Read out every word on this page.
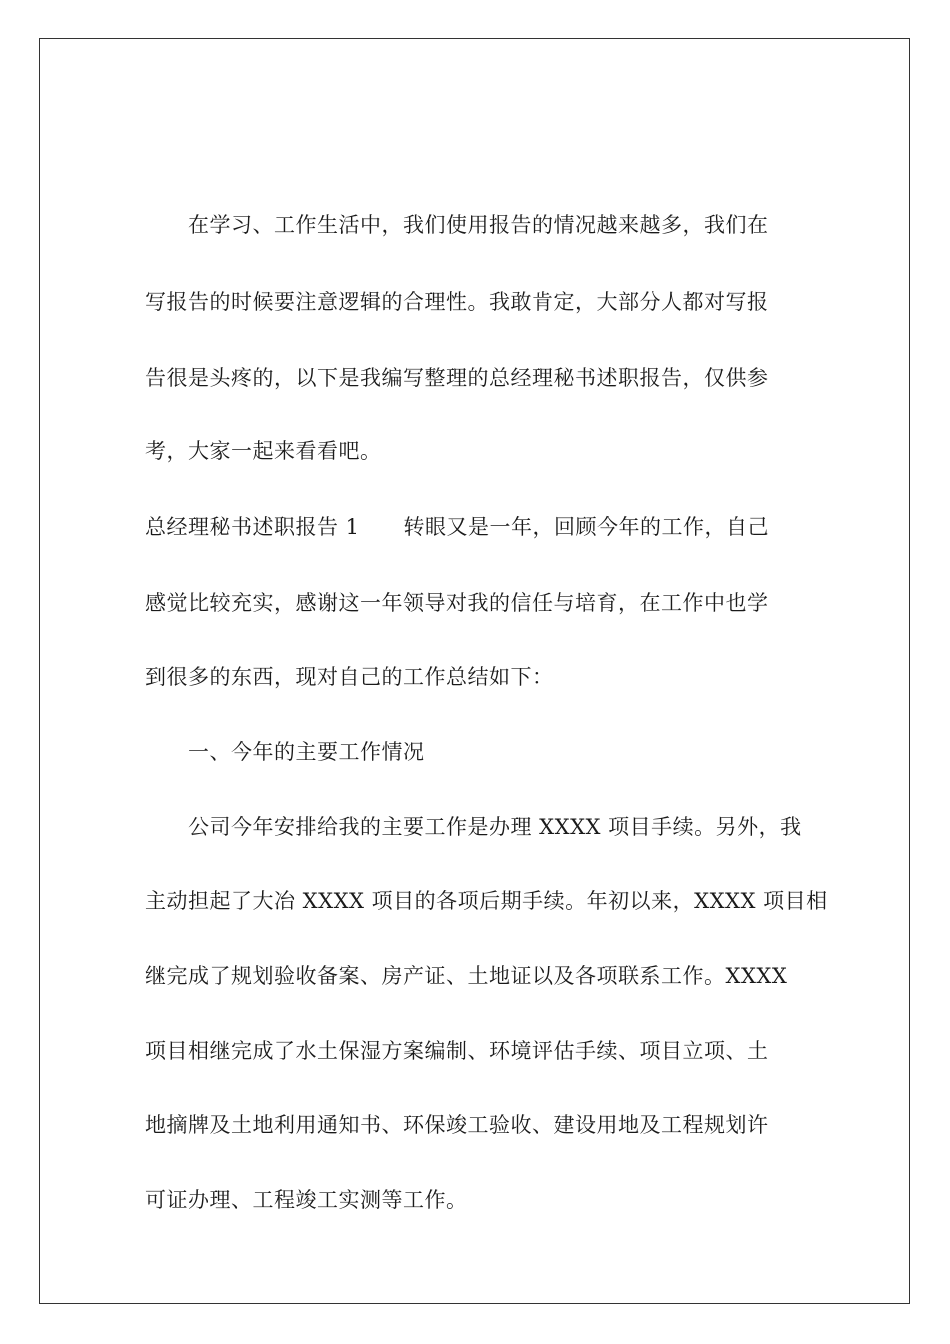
在学习、工作生活中，我们使用报告的情况越来越多，我们在
写报告的时候要注意逻辑的合理性。我敢肯定，大部分人都对写报
告很是头疼的，以下是我编写整理的总经理秘书述职报告，仅供参
考，大家一起来看看吧。
总经理秘书述职报告 1 转眼又是一年，回顾今年的工作，自己
感觉比较充实，感谢这一年领导对我的信任与培育，在工作中也学
到很多的东西，现对自己的工作总结如下：
一、今年的主要工作情况
公司今年安排给我的主要工作是办理 XXXX 项目手续。另外，我
主动担起了大冶 XXXX 项目的各项后期手续。年初以来，XXXX 项目相
继完成了规划验收备案、房产证、土地证以及各项联系工作。XXXX
项目相继完成了水土保湿方案编制、环境评估手续、项目立项、土
地摘牌及土地利用通知书、环保竣工验收、建设用地及工程规划许
可证办理、工程竣工实测等工作。
